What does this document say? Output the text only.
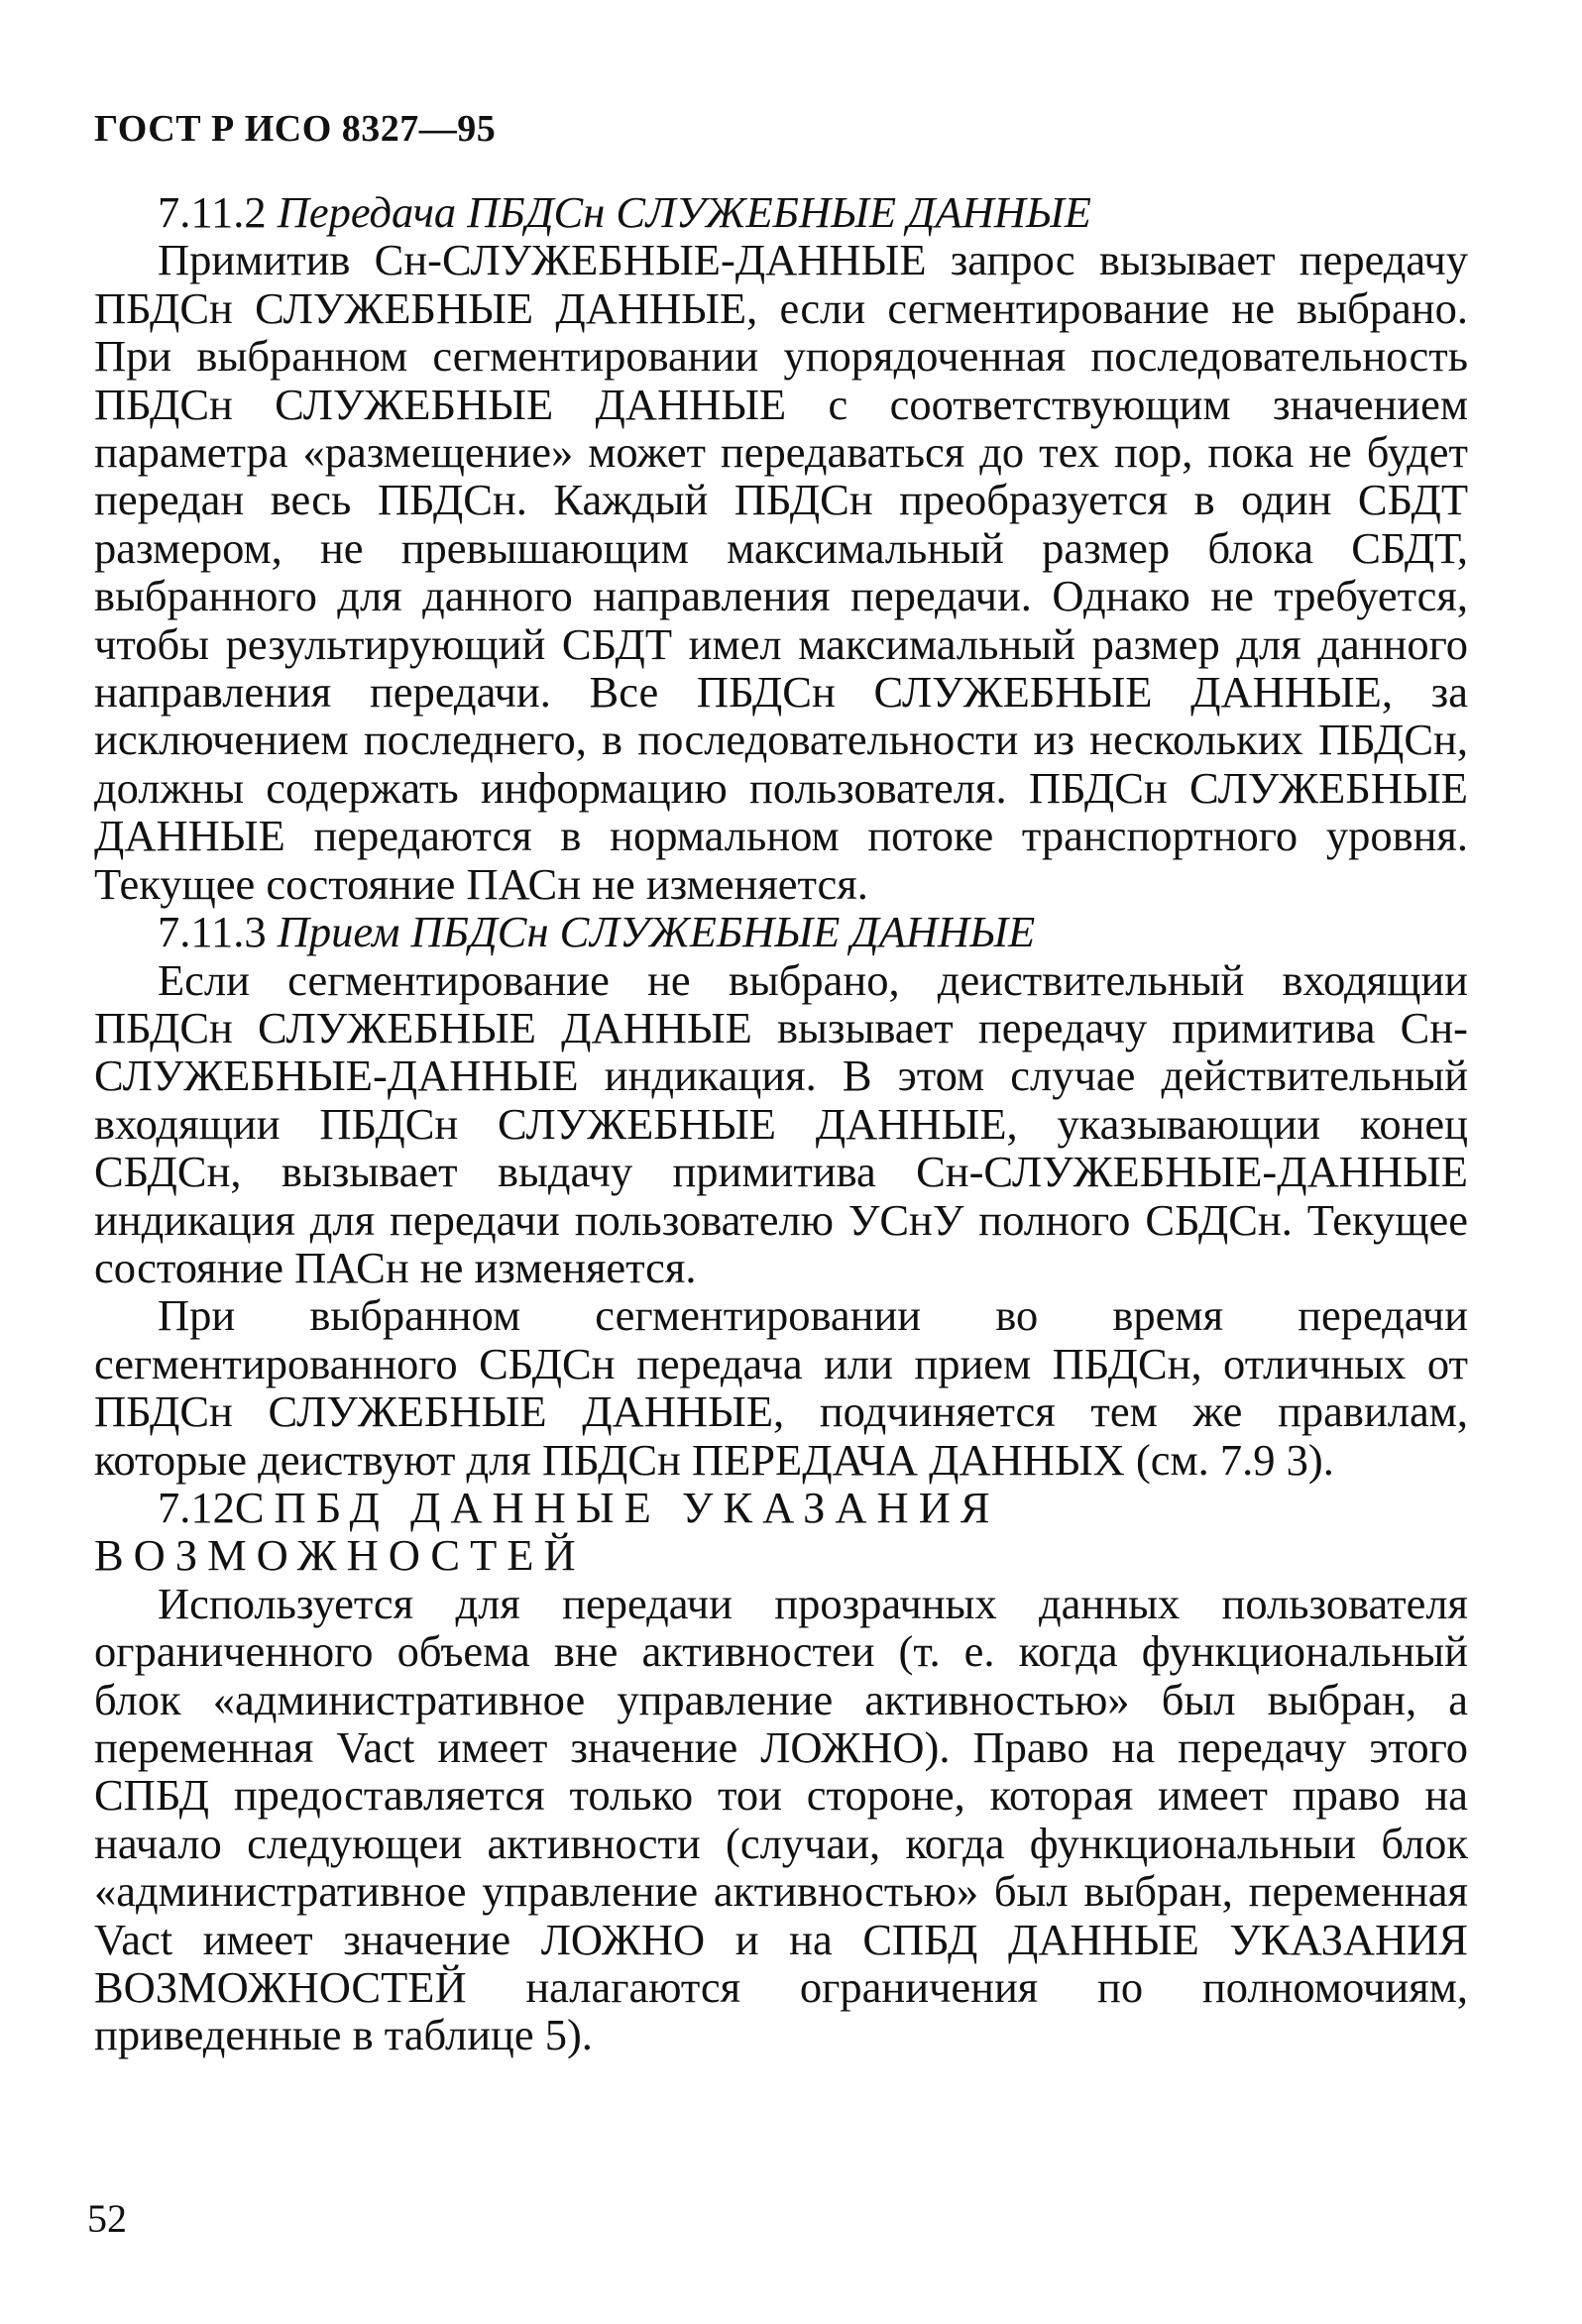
ГОСТ Р ИСО 8327—95
7.11.2 Передача ПБДСн СЛУЖЕБНЫЕ ДАННЫЕ

Примитив Сн-СЛУЖЕБНЫЕ-ДАННЫЕ запрос вызывает передачу ПБДСн СЛУЖЕБНЫЕ ДАННЫЕ, если сегментирование не выбрано. При выбранном сегментировании упорядоченная последовательность ПБДСн СЛУЖЕБНЫЕ ДАННЫЕ с соответствующим значением параметра «размещение» может передаваться до тех пор, пока не будет передан весь ПБДСн. Каждый ПБДСн преобразуется в один СБДТ размером, не превышающим максимальный размер блока СБДТ, выбранного для данного направления передачи. Однако не требуется, чтобы результирующий СБДТ имел максимальный размер для данного направления передачи. Все ПБДСн СЛУЖЕБНЫЕ ДАННЫЕ, за исключением последнего, в последовательности из нескольких ПБДСн, должны содержать информацию пользователя. ПБДСн СЛУЖЕБНЫЕ ДАННЫЕ передаются в нормальном потоке транспортного уровня. Текущее состояние ПАСн не изменяется.

7.11.3 Прием ПБДСн СЛУЖЕБНЫЕ ДАННЫЕ

Если сегментирование не выбрано, деиствительный входящии ПБДСн СЛУЖЕБНЫЕ ДАННЫЕ вызывает передачу примитива Сн-СЛУЖЕБНЫЕ-ДАННЫЕ индикация. В этом случае действительный входящии ПБДСн СЛУЖЕБНЫЕ ДАННЫЕ, указывающии конец СБДСн, вызывает выдачу примитива Сн-СЛУЖЕБНЫЕ-ДАННЫЕ индикация для передачи пользователю УСнУ полного СБДСн. Текущее состояние ПАСн не изменяется.

При выбранном сегментировании во время передачи сегментированного СБДСн передача или прием ПБДСн, отличных от ПБДСн СЛУЖЕБНЫЕ ДАННЫЕ, подчиняется тем же правилам, которые деиствуют для ПБДСн ПЕРЕДАЧА ДАННЫХ (см. 7.9 3).

7.12СПБД ДАННЫЕ УКАЗАНИЯ ВОЗМОЖНОСТЕЙ

Используется для передачи прозрачных данных пользователя ограниченного объема вне активностеи (т. е. когда функциональный блок «административное управление активностью» был выбран, а переменная Vact имеет значение ЛОЖНО). Право на передачу этого СПБД предоставляется только тои стороне, которая имеет право на начало следующеи активности (случаи, когда функциональныи блок «административное управление активностью» был выбран, переменная Vact имеет значение ЛОЖНО и на СПБД ДАННЫЕ УКАЗАНИЯ ВОЗМОЖНОСТЕЙ налагаются ограничения по полномочиям, приведенные в таблице 5).

52
